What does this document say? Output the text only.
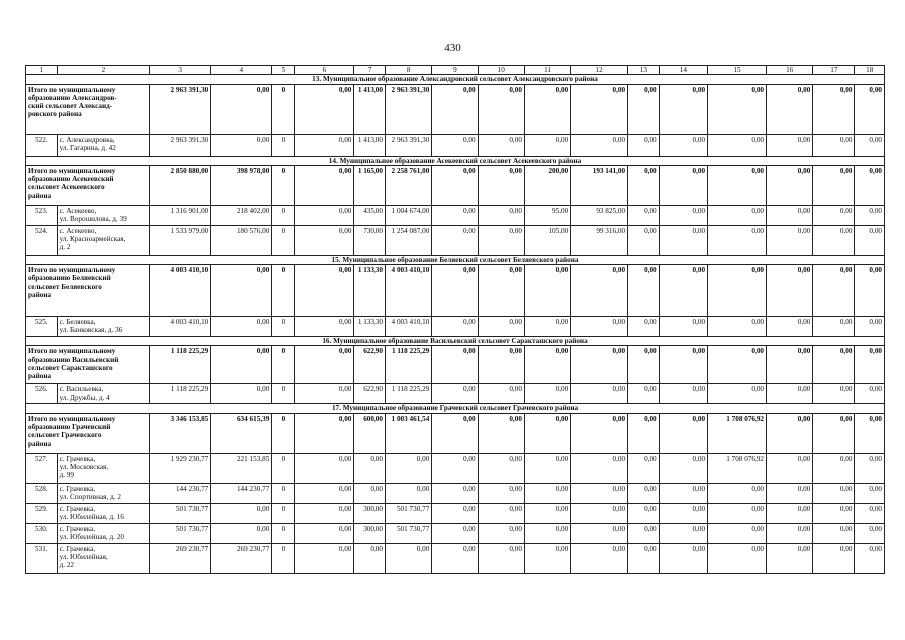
430
1	2	3	4	5	6	7	8	9	10	11	12	13	14	15	16	17	18
13. Муниципальное образование Александровский сельсовет Александровского района																	

Итого по муниципальному
образованию Александров-
ский сельсовет Александ-
ровского района		2 963 391,30	0,00	0	0,00	1 413,00	2 963 391,30	0,00	0,00	0,00	0,00	0,00	0,00	0,00	0,00	0,00	0,00
522.	с. Александровка,
ул. Гагарина, д. 42	2 963 391,30	0,00	0	0,00	1 413,00	2 963 391,30	0,00	0,00	0,00	0,00	0,00	0,00	0,00	0,00	0,00	0,00
14. Муниципальное образование Асекеевский сельсовет Асекеевского района																	

Итого по муниципальному
образованию Асекеевский
сельсовет Асекеевского
района		2 850 880,00	398 978,00	0	0,00	1 165,00	2 258 761,00	0,00	0,00	200,00	193 141,00	0,00	0,00	0,00	0,00	0,00	0,00
523.	с. Асекеево,
ул. Ворошилова, д. 39	1 316 901,00	218 402,00	0	0,00	435,00	1 004 674,00	0,00	0,00	95,00	93 825,00	0,00	0,00	0,00	0,00	0,00	0,00
524.	с. Асекеево,
ул. Красноармейская,
д. 2	1 533 979,00	180 576,00	0	0,00	730,00	1 254 087,00	0,00	0,00	105,00	99 316,00	0,00	0,00	0,00	0,00	0,00	0,00
15. Муниципальное образование Беляевский сельсовет Беляевского района																	

Итого по муниципальному
образованию Беляевский
сельсовет Беляевского
района		4 003 410,10	0,00	0	0,00	1 133,30	4 003 410,10	0,00	0,00	0,00	0,00	0,00	0,00	0,00	0,00	0,00	0,00
525.	с. Беляевка,
ул. Банковская, д. 36	4 003 410,10	0,00	0	0,00	1 133,30	4 003 410,10	0,00	0,00	0,00	0,00	0,00	0,00	0,00	0,00	0,00	0,00
16. Муниципальное образование Васильевский сельсовет Саракташского района																	

Итого по муниципальному
образованию Васильевский
сельсовет Саракташского
района		1 118 225,29	0,00	0	0,00	622,90	1 118 225,29	0,00	0,00	0,00	0,00	0,00	0,00	0,00	0,00	0,00	0,00
526.	с. Васильевка,
ул. Дружбы, д. 4	1 118 225,29	0,00	0	0,00	622,90	1 118 225,29	0,00	0,00	0,00	0,00	0,00	0,00	0,00	0,00	0,00	0,00
17. Муниципальное образование Грачевский сельсовет Грачевского района																	

Итого по муниципальному
образованию Грачевский
сельсовет Грачевского
района		3 346 153,85	634 615,39	0	0,00	600,00	1 003 461,54	0,00	0,00	0,00	0,00	0,00	0,00	1 708 076,92	0,00	0,00	0,00
527.	с. Грачевка,
ул. Московская,
д. 99	1 929 230,77	221 153,85	0	0,00	0,00	0,00	0,00	0,00	0,00	0,00	0,00	0,00	1 708 076,92	0,00	0,00	0,00
528.	с. Грачевка,
ул. Спортивная, д. 2	144 230,77	144 230,77	0	0,00	0,00	0,00	0,00	0,00	0,00	0,00	0,00	0,00	0,00	0,00	0,00	0,00
529.	с. Грачевка,
ул. Юбилейная, д. 16	501 730,77	0,00	0	0,00	300,00	501 730,77	0,00	0,00	0,00	0,00	0,00	0,00	0,00	0,00	0,00	0,00
530.	с. Грачевка,
ул. Юбилейная, д. 20	501 730,77	0,00	0	0,00	300,00	501 730,77	0,00	0,00	0,00	0,00	0,00	0,00	0,00	0,00	0,00	0,00
531.	с. Грачевка,
ул. Юбилейная,
д. 22	269 230,77	269 230,77	0	0,00	0,00	0,00	0,00	0,00	0,00	0,00	0,00	0,00	0,00	0,00	0,00	0,00
